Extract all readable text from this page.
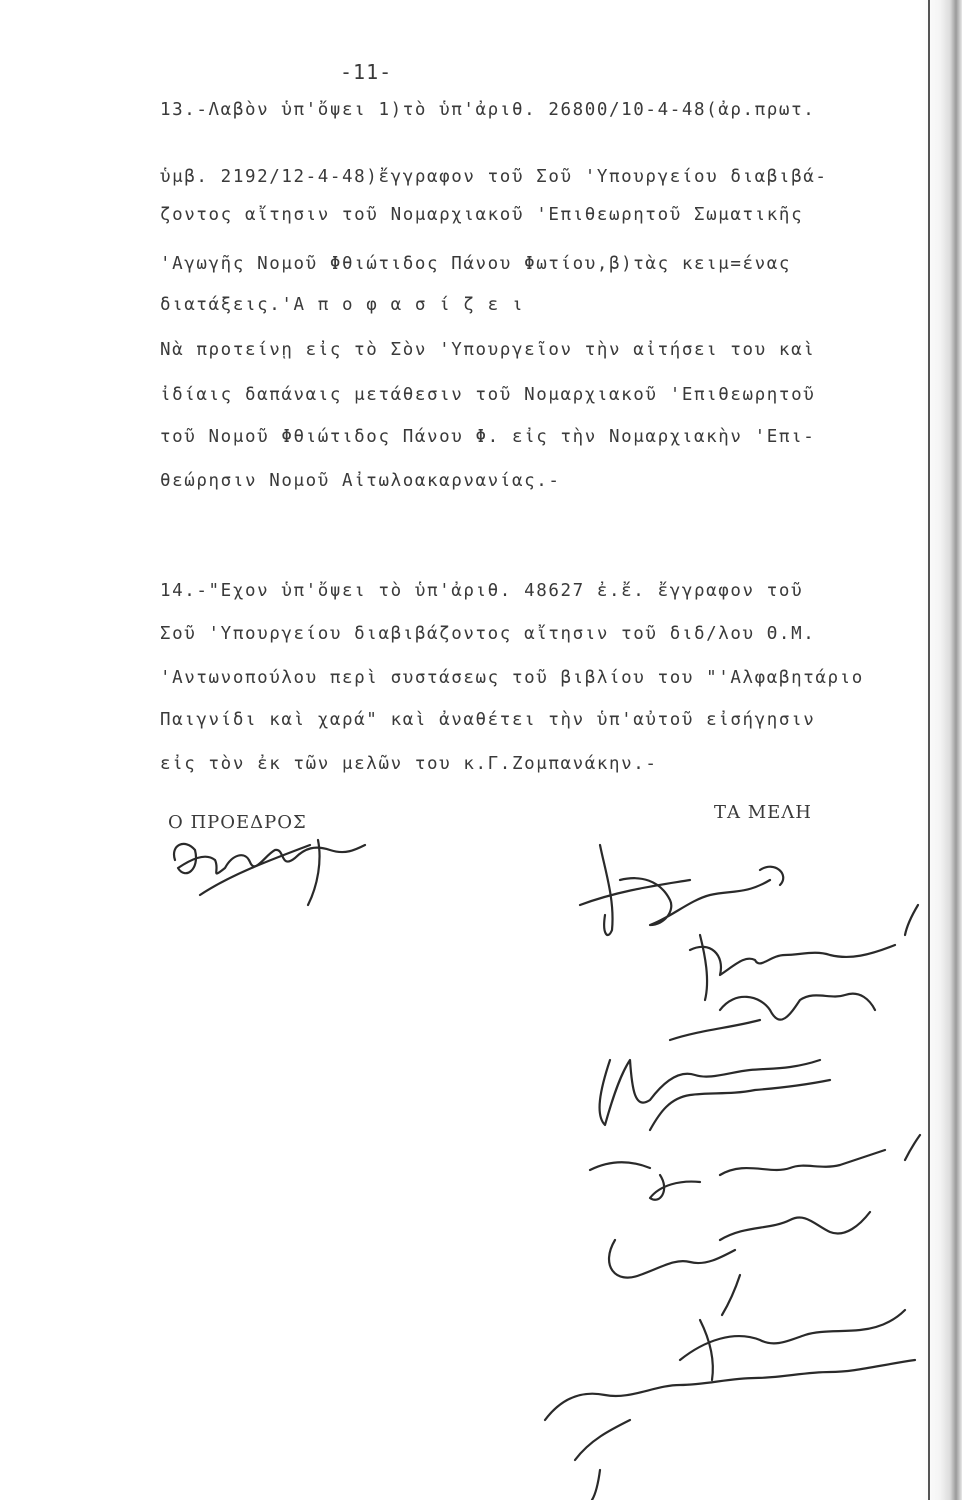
-11-
13.-Λαβὸν ὑπ'ὄψει 1)τὸ ὑπ'ἀριθ. 26800/10-4-48(ἀρ.πρωτ.
ὑμβ. 2192/12-4-48)ἔγγραφον τοῦ Σοῦ 'Υπουργείου διαβιβά-
ζοντος αἴτησιν τοῦ Νομαρχιακοῦ 'Επιθεωρητοῦ Σωματικῆς
'Αγωγῆς Νομοῦ Φθιώτιδος Πάνου Φωτίου,β)τὰς κειμ=ένας
διατάξεις.'Α π ο φ α σ ί ζ ε ι
Νὰ προτείνῃ εἰς τὸ Σὸν 'Υπουργεῖον τὴν αἰτήσει του καὶ
ἰδίαις δαπάναις μετάθεσιν τοῦ Νομαρχιακοῦ 'Επιθεωρητοῦ
τοῦ Νομοῦ Φθιώτιδος Πάνου Φ. εἰς τὴν Νομαρχιακὴν 'Επι-
θεώρησιν Νομοῦ Αἰτωλοακαρνανίας.-
14.-"Εχον ὑπ'ὄψει τὸ ὑπ'ἀριθ. 48627 ἐ.ἔ. ἔγγραφον τοῦ
Σοῦ 'Υπουργείου διαβιβάζοντος αἴτησιν τοῦ διδ/λου Θ.Μ.
'Αντωνοπούλου περὶ συστάσεως τοῦ βιβλίου του "'Αλφαβητάριο
Παιγνίδι καὶ χαρά" καὶ ἀναθέτει τὴν ὑπ'αὐτοῦ εἰσήγησιν
εἰς τὸν ἐκ τῶν μελῶν του κ.Γ.Ζομπανάκην.-
Ο ΠΡΟΕΔΡΟΣ	ΤΑ ΜΕΛΗ
